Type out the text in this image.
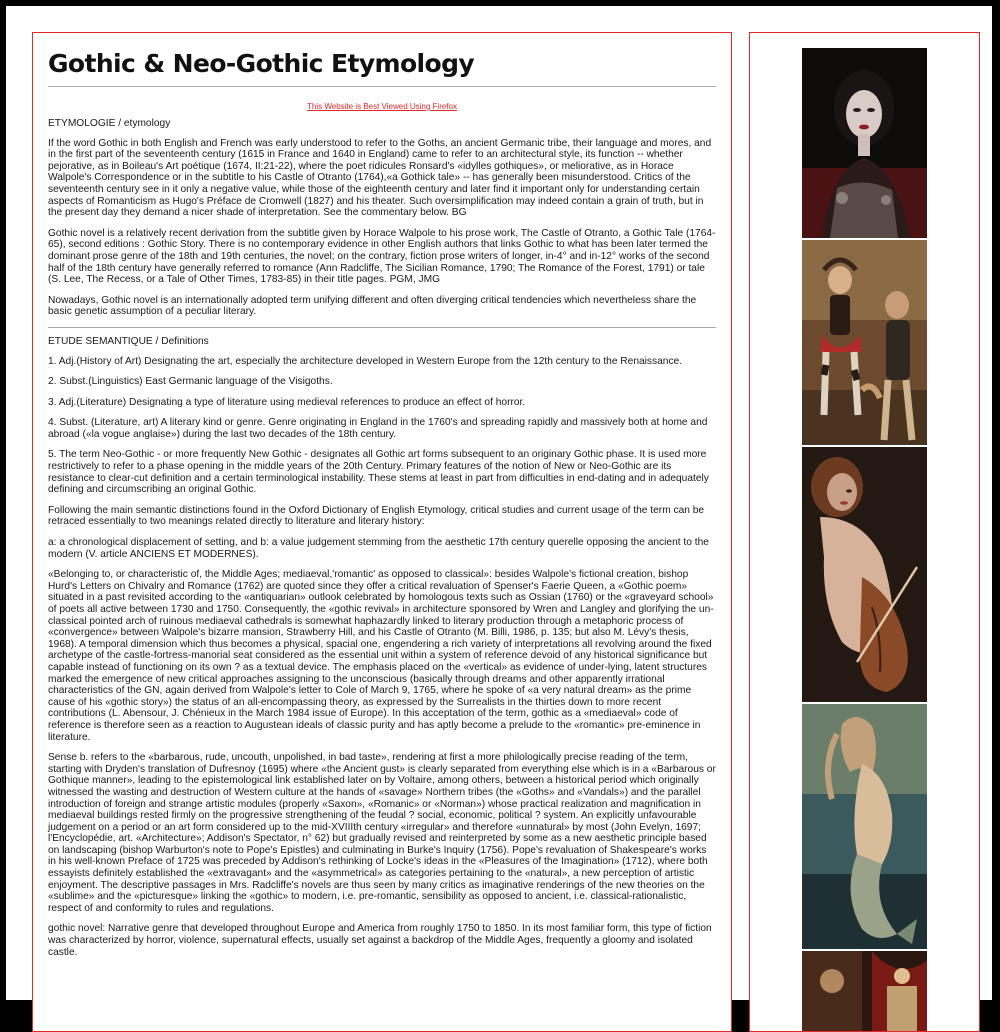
Gothic & Neo-Gothic Etymology
This Website is Best Viewed Using Firefox

ETYMOLOGIE / etymology

If the word Gothic in both English and French was early understood to refer to the Goths, an ancient Germanic tribe, their language and mores, and in the first part of the seventeenth century (1615 in France and 1640 in England) came to refer to an architectural style, its function -- whether pejorative, as in Boileau's Art poétique (1674, II:21-22), where the poet ridicules Ronsard's «idylles gothiques», or meliorative, as in Horace Walpole's Correspondence or in the subtitle to his Castle of Otranto (1764),«a Gothick tale» -- has generally been misunderstood. Critics of the seventeenth century see in it only a negative value, while those of the eighteenth century and later find it important only for understanding certain aspects of Romanticism as Hugo's Préface de Cromwell (1827) and his theater. Such oversimplification may indeed contain a grain of truth, but in the present day they demand a nicer shade of interpretation. See the commentary below. BG

Gothic novel is a relatively recent derivation from the subtitle given by Horace Walpole to his prose work, The Castle of Otranto, a Gothic Tale (1764-65), second editions : Gothic Story. There is no contemporary evidence in other English authors that links Gothic to what has been later termed the dominant prose genre of the 18th and 19th centuries, the novel; on the contrary, fiction prose writers of longer, in-4° and in-12° works of the second half of the 18th century have generally referred to romance (Ann Radcliffe, The Sicilian Romance, 1790; The Romance of the Forest, 1791) or tale (S. Lee, The Recess, or a Tale of Other Times, 1783-85) in their title pages. PGM, JMG

Nowadays, Gothic novel is an internationally adopted term unifying different and often diverging critical tendencies which nevertheless share the basic genetic assumption of a peculiar literary.

ETUDE SEMANTIQUE / Definitions

1. Adj.(History of Art) Designating the art, especially the architecture developed in Western Europe from the 12th century to the Renaissance.

2. Subst.(Linguistics) East Germanic language of the Visigoths.

3. Adj.(Literature) Designating a type of literature using medieval references to produce an effect of horror.

4. Subst. (Literature, art) A literary kind or genre. Genre originating in England in the 1760's and spreading rapidly and massively both at home and abroad («la vogue anglaise») during the last two decades of the 18th century.

5. The term Neo-Gothic - or more frequently New Gothic - designates all Gothic art forms subsequent to an originary Gothic phase. It is used more restrictively to refer to a phase opening in the middle years of the 20th Century. Primary features of the notion of New or Neo-Gothic are its resistance to clear-cut definition and a certain terminological instability. These stems at least in part from difficulties in end-dating and in adequately defining and circumscribing an original Gothic.

Following the main semantic distinctions found in the Oxford Dictionary of English Etymology, critical studies and current usage of the term can be retraced essentially to two meanings related directly to literature and literary history:

a: a chronological displacement of setting, and b: a value judgement stemming from the aesthetic 17th century querelle opposing the ancient to the modern (V. article ANCIENS ET MODERNES).

«Belonging to, or characteristic of, the Middle Ages; mediaeval,'romantic' as opposed to classical»: besides Walpole's fictional creation, bishop Hurd's Letters on Chivalry and Romance (1762) are quoted since they offer a critical revaluation of Spenser's Faerie Queen, a «Gothic poem» situated in a past revisited according to the «antiquarian» outlook celebrated by homologous texts such as Ossian (1760) or the «graveyard school» of poets all active between 1730 and 1750. Consequently, the «gothic revival» in architecture sponsored by Wren and Langley and glorifying the un-classical pointed arch of ruinous mediaeval cathedrals is somewhat haphazardly linked to literary production through a metaphoric process of «convergence» between Walpole's bizarre mansion, Strawberry Hill, and his Castle of Otranto (M. Billi, 1986, p. 135; but also M. Lévy's thesis, 1968). A temporal dimension which thus becomes a physical, spacial one, engendering a rich variety of interpretations all revolving around the fixed archetype of the castle-fortress-manorial seat considered as the essential unit within a system of reference devoid of any historical significance but capable instead of functioning on its own ? as a textual device. The emphasis placed on the «vertical» as evidence of under-lying, latent structures marked the emergence of new critical approaches assigning to the unconscious (basically through dreams and other apparently irrational characteristics of the GN, again derived from Walpole's letter to Cole of March 9, 1765, where he spoke of «a very natural dream» as the prime cause of his «gothic story») the status of an all-encompassing theory, as expressed by the Surrealists in the thirties down to more recent contributions (L. Abensour, J. Chénieux in the March 1984 issue of Europe). In this acceptation of the term, gothic as a «mediaeval» code of reference is therefore seen as a reaction to Augustean ideals of classic purity and has aptly become a prelude to the «romantic» pre-eminence in literature.

Sense b. refers to the «barbarous, rude, uncouth, unpolished, in bad taste», rendering at first a more philologically precise reading of the term, starting with Dryden's translation of Dufresnoy (1695) where «the Ancient gust» is clearly separated from everything else which is in a «Barbarous or Gothique manner», leading to the epistemological link established later on by Voltaire, among others, between a historical period which originally witnessed the wasting and destruction of Western culture at the hands of «savage» Northern tribes (the «Goths» and «Vandals») and the parallel introduction of foreign and strange artistic modules (properly «Saxon», «Romanic» or «Norman») whose practical realization and magnification in mediaeval buildings rested firmly on the progressive strengthening of the feudal ? social, economic, political ? system. An explicitly unfavourable judgement on a period or an art form considered up to the mid-XVIIIth century «irregular» and therefore «unnatural» by most (John Evelyn, 1697; l'Encyclopédie, art. «Architecture»; Addison's Spectator, n° 62) but gradually revised and reinterpreted by some as a new aesthetic principle based on landscaping (bishop Warburton's note to Pope's Epistles) and culminating in Burke's Inquiry (1756). Pope's revaluation of Shakespeare's works in his well-known Preface of 1725 was preceded by Addison's rethinking of Locke's ideas in the «Pleasures of the Imagination» (1712), where both essayists definitely established the «extravagant» and the «asymmetrical» as categories pertaining to the «natural», a new perception of artistic enjoyment. The descriptive passages in Mrs. Radcliffe's novels are thus seen by many critics as imaginative renderings of the new theories on the «sublime» and the «picturesque» linking the «gothic» to modern, i.e. pre-romantic, sensibility as opposed to ancient, i.e. classical-rationalistic, respect of and conformity to rules and regulations.

gothic novel: Narrative genre that developed throughout Europe and America from roughly 1750 to 1850. In its most familiar form, this type of fiction was characterized by horror, violence, supernatural effects, usually set against a backdrop of the Middle Ages, frequently a gloomy and isolated castle.
